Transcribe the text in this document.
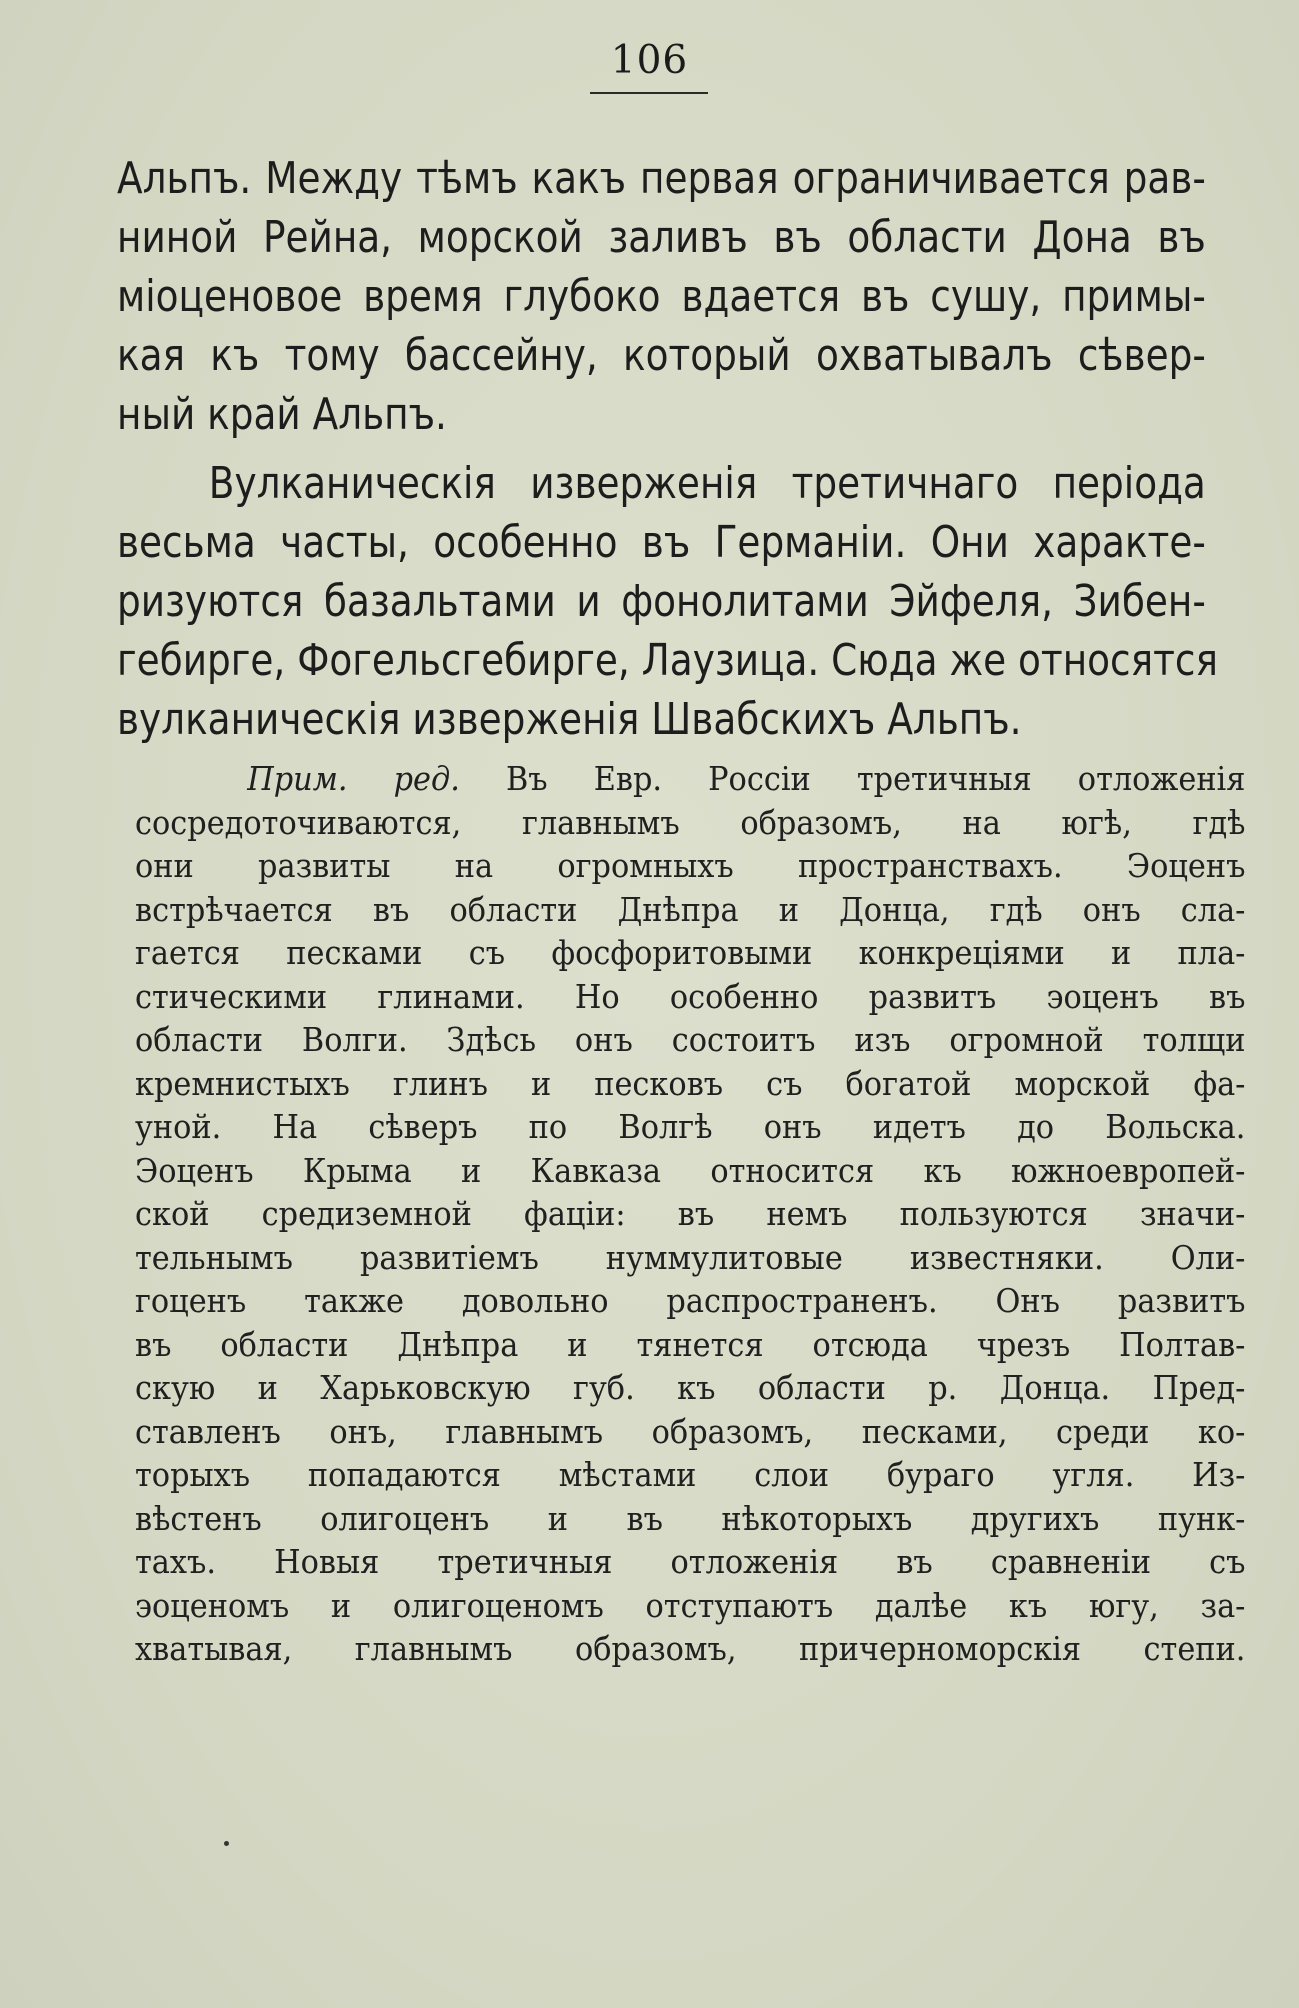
106
Альпъ. Между тѣмъ какъ первая ограничивается рав-
ниной Рейна, морской заливъ въ области Дона въ
міоценовое время глубоко вдается въ сушу, примы-
кая къ тому бассейну, который охватывалъ сѣвер-
ный край Альпъ.
Вулканическія изверженія третичнаго періода
весьма часты, особенно въ Германіи. Они характе-
ризуются базальтами и фонолитами Эйфеля, Зибен-
гебирге, Фогельсгебирге, Лаузица. Сюда же относятся
вулканическія изверженія Швабскихъ Альпъ.
Прим. ред. Въ Евр. Россіи третичныя отложенія
сосредоточиваются, главнымъ образомъ, на югѣ, гдѣ
они развиты на огромныхъ пространствахъ. Эоценъ
встрѣчается въ области Днѣпра и Донца, гдѣ онъ сла-
гается песками съ фосфоритовыми конкреціями и пла-
стическими глинами. Но особенно развитъ эоценъ въ
области Волги. Здѣсь онъ состоитъ изъ огромной толщи
кремнистыхъ глинъ и песковъ съ богатой морской фа-
уной. На сѣверъ по Волгѣ онъ идетъ до Вольска.
Эоценъ Крыма и Кавказа относится къ южноевропей-
ской средиземной фаціи: въ немъ пользуются значи-
тельнымъ развитіемъ нуммулитовые известняки. Оли-
гоценъ также довольно распространенъ. Онъ развитъ
въ области Днѣпра и тянется отсюда чрезъ Полтав-
скую и Харьковскую губ. къ области р. Донца. Пред-
ставленъ онъ, главнымъ образомъ, песками, среди ко-
торыхъ попадаются мѣстами слои бураго угля. Из-
вѣстенъ олигоценъ и въ нѣкоторыхъ другихъ пунк-
тахъ. Новыя третичныя отложенія въ сравненіи съ
эоценомъ и олигоценомъ отступаютъ далѣе къ югу, за-
хватывая, главнымъ образомъ, причерноморскія степи.
